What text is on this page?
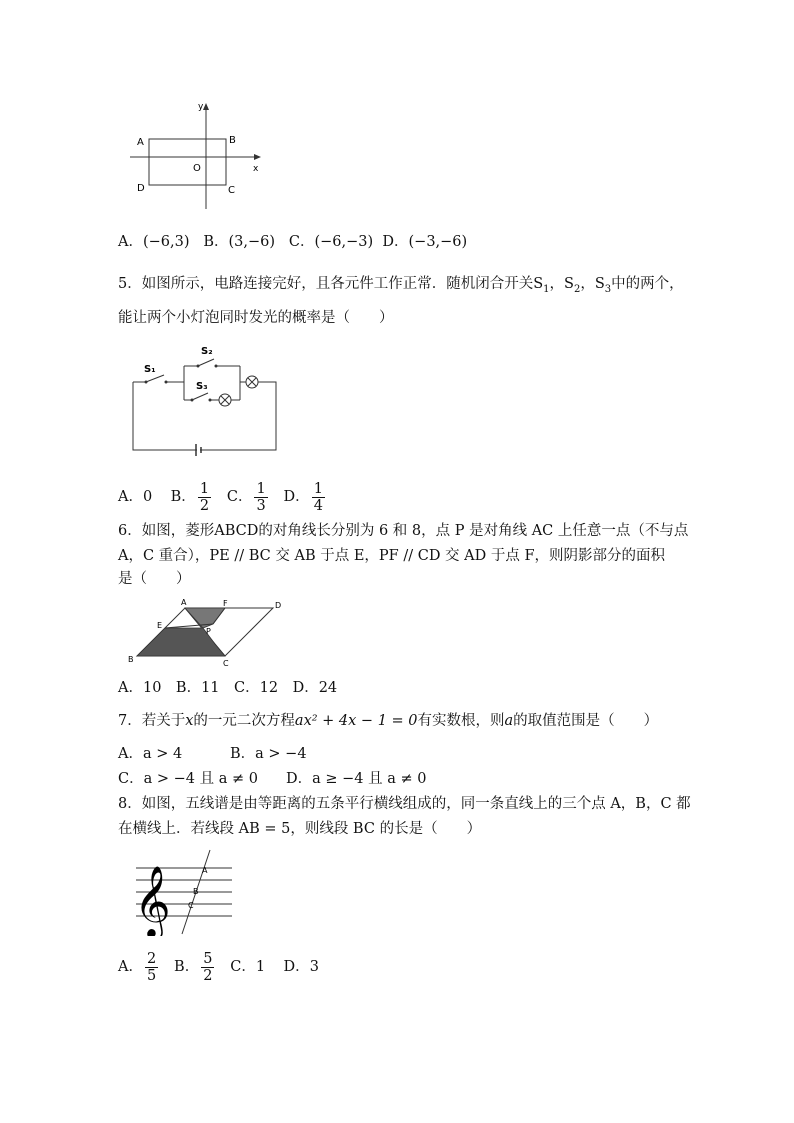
y
x
A	B
O
C
D
A．(−6,3) B．(3,−6) C．(−6,−3) D．(−3,−6)
5．如图所示，电路连接完好，且各元件工作正常．随机闭合开关$S_1$，$S_2$，$S_3$中的两个，
能让两个小灯泡同时发光的概率是（　　）
S₁
S₂
S₃
A．0 B． $\frac{1}{2}$ C． $\frac{1}{3}$ D． $\frac{1}{4}$
6．如图，菱形ABCD的对角线长分别为 6 和 8，点 P 是对角线 AC 上任意一点（不与点
A，C 重合），PE // BC 交 AB 于点 E，PF // CD 交 AD 于点 F，则阴影部分的面积
是（　　）
A	F	D
E
P
B	C
A．10　B．11　C．12　D．24
7．若关于x的一元二次方程ax² + 4x − 1 = 0有实数根，则a的取值范围是（　　）
A．a > 4	B．a > −4
C．a > −4 且 a ≠ 0 D．a ≥ −4 且 a ≠ 0
8．如图，五线谱是由等距离的五条平行横线组成的，同一条直线上的三个点 A，B，C 都
在横线上．若线段 AB = 5，则线段 BC 的长是（　　）
𝄞	A
B
C
A． $\frac{2}{5}$ B． $\frac{5}{2}$ C．1 D．3
